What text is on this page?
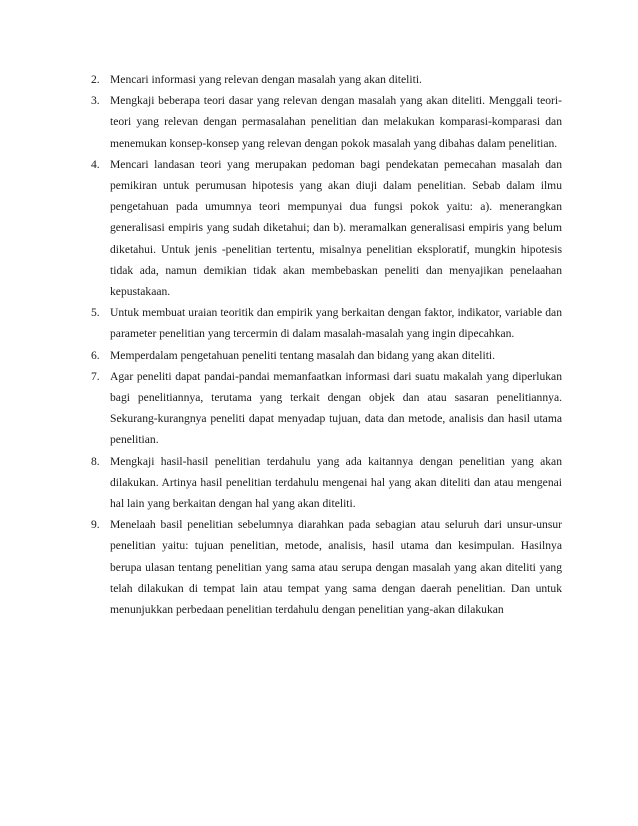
2. Mencari informasi yang relevan dengan masalah yang akan diteliti.
3. Mengkaji beberapa teori dasar yang relevan dengan masalah yang akan diteliti. Menggali teori-teori yang relevan dengan permasalahan penelitian dan melakukan komparasi-komparasi dan menemukan konsep-konsep yang relevan dengan pokok masalah yang dibahas dalam penelitian.
4. Mencari landasan teori yang merupakan pedoman bagi pendekatan pemecahan masalah dan pemikiran untuk perumusan hipotesis yang akan diuji dalam penelitian. Sebab dalam ilmu pengetahuan pada umumnya teori mempunyai dua fungsi pokok yaitu: a). menerangkan generalisasi empiris yang sudah diketahui; dan b). meramalkan generalisasi empiris yang belum diketahui. Untuk jenis -penelitian tertentu, misalnya penelitian eksploratif, mungkin hipotesis tidak ada, namun demikian tidak akan membebaskan peneliti dan menyajikan penelaahan kepustakaan.
5. Untuk membuat uraian teoritik dan empirik yang berkaitan dengan faktor, indikator, variable dan parameter penelitian yang tercermin di dalam masalah-masalah yang ingin dipecahkan.
6. Memperdalam pengetahuan peneliti tentang masalah dan bidang yang akan diteliti.
7. Agar peneliti dapat pandai-pandai memanfaatkan informasi dari suatu makalah yang diperlukan bagi penelitiannya, terutama yang terkait dengan objek dan atau sasaran penelitiannya. Sekurang-kurangnya peneliti dapat menyadap tujuan, data dan metode, analisis dan hasil utama penelitian.
8. Mengkaji hasil-hasil penelitian terdahulu yang ada kaitannya dengan penelitian yang akan dilakukan. Artinya hasil penelitian terdahulu mengenai hal yang akan diteliti dan atau mengenai hal lain yang berkaitan dengan hal yang akan diteliti.
9. Menelaah basil penelitian sebelumnya diarahkan pada sebagian atau seluruh dari unsur-unsur penelitian yaitu: tujuan penelitian, metode, analisis, hasil utama dan kesimpulan. Hasilnya berupa ulasan tentang penelitian yang sama atau serupa dengan masalah yang akan diteliti yang telah dilakukan di tempat lain atau tempat yang sama dengan daerah penelitian. Dan untuk menunjukkan perbedaan penelitian terdahulu dengan penelitian yang-akan dilakukan
